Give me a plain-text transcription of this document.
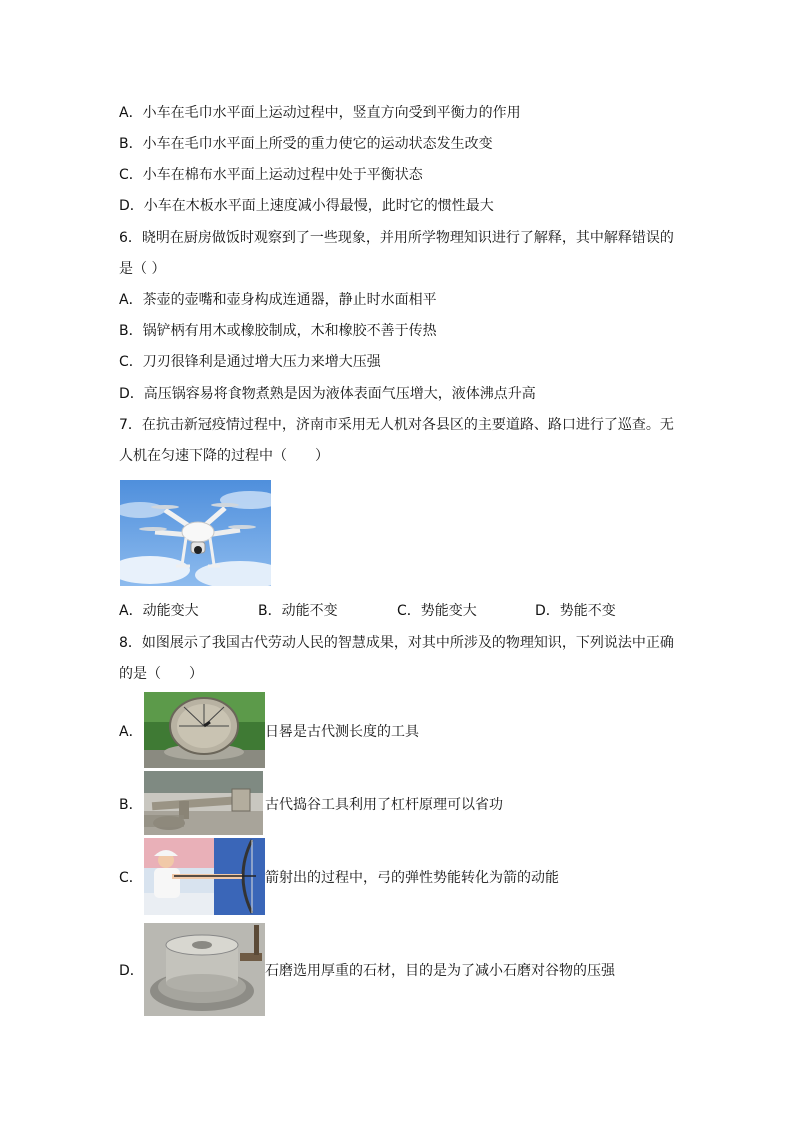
A．小车在毛巾水平面上运动过程中，竖直方向受到平衡力的作用
B．小车在毛巾水平面上所受的重力使它的运动状态发生改变
C．小车在棉布水平面上运动过程中处于平衡状态
D．小车在木板水平面上速度减小得最慢，此时它的惯性最大
6．晓明在厨房做饭时观察到了一些现象，并用所学物理知识进行了解释，其中解释错误的
是（ ）
A．茶壶的壶嘴和壶身构成连通器，静止时水面相平
B．锅铲柄有用木或橡胶制成，木和橡胶不善于传热
C．刀刃很锋利是通过增大压力来增大压强
D．高压锅容易将食物煮熟是因为液体表面气压增大，液体沸点升高
7．在抗击新冠疫情过程中，济南市采用无人机对各县区的主要道路、路口进行了巡查。无
人机在匀速下降的过程中（　　）
A．动能变大	B．动能不变	C．势能变大	D．势能不变
8．如图展示了我国古代劳动人民的智慧成果，对其中所涉及的物理知识，下列说法中正确
的是（　　）
A．	日晷是古代测长度的工具
B．	古代捣谷工具利用了杠杆原理可以省功
C．	箭射出的过程中，弓的弹性势能转化为箭的动能
D．	石磨选用厚重的石材，目的是为了减小石磨对谷物的压强
